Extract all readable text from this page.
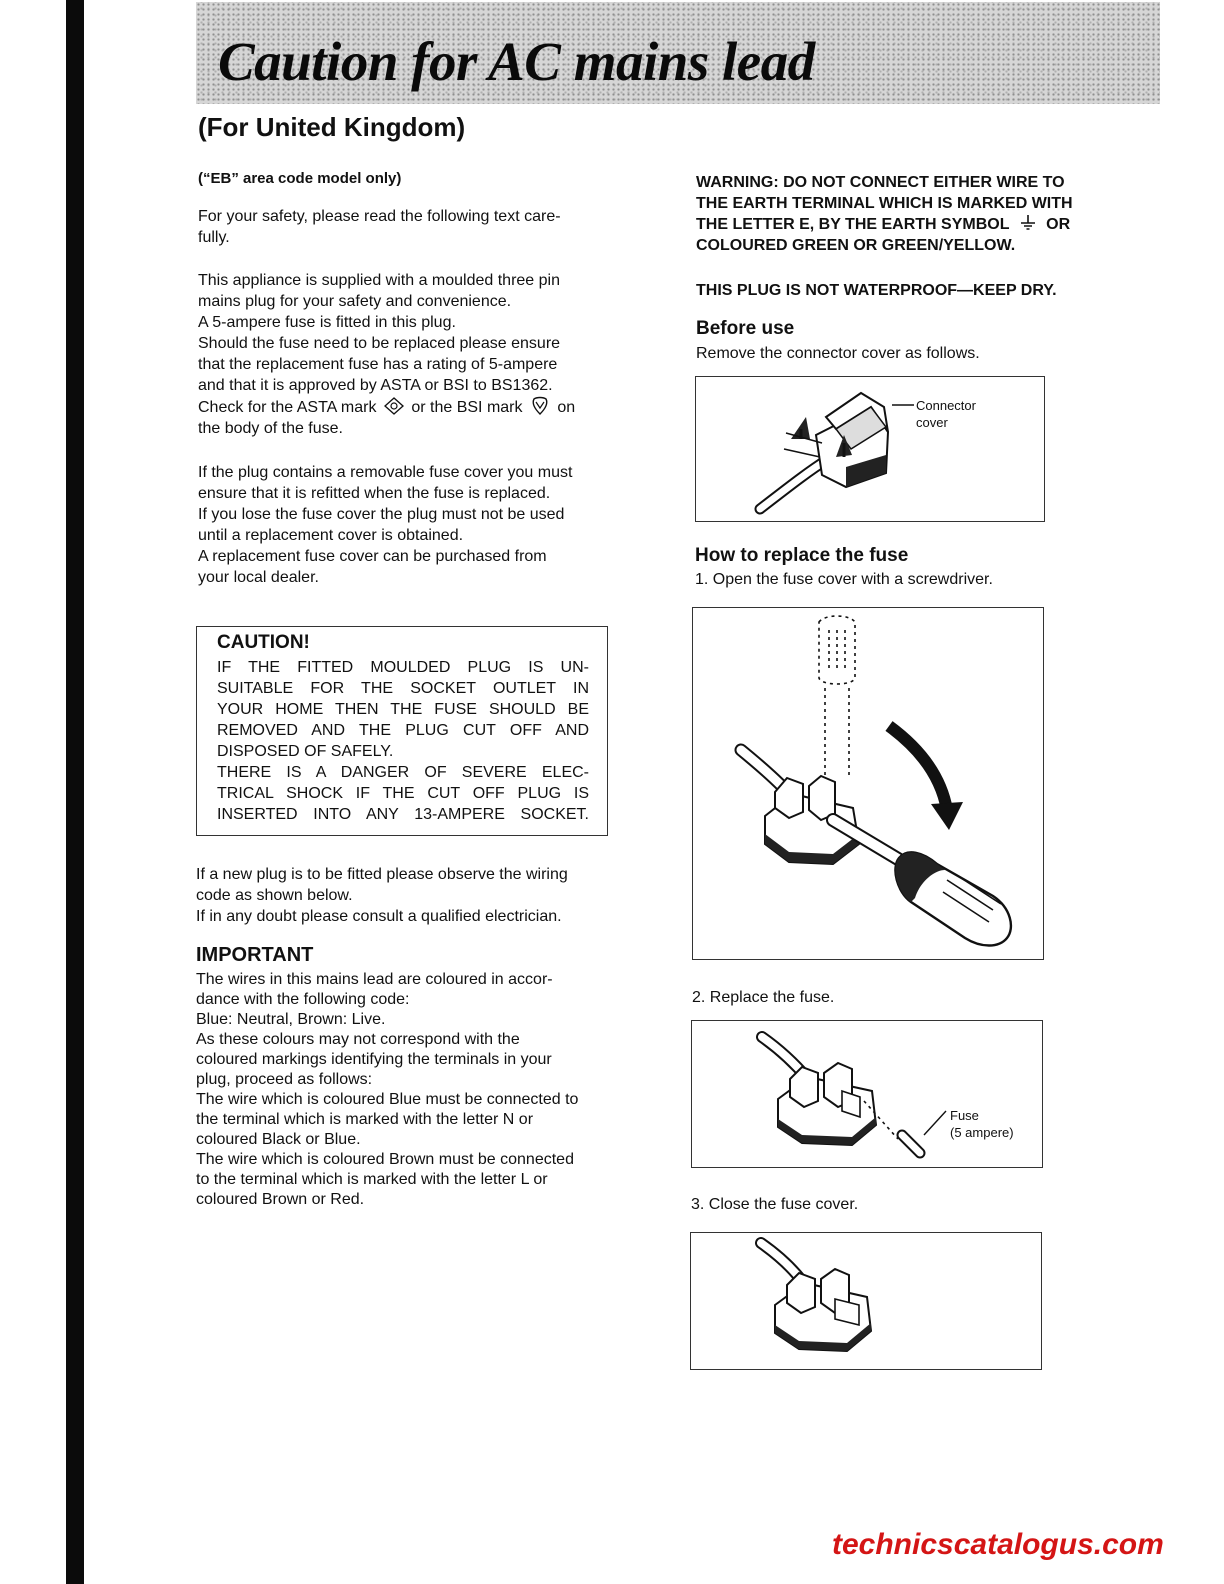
Caution for AC mains lead
(For United Kingdom)

(“EB” area code model only)

For your safety, please read the following text care-
fully.

This appliance is supplied with a moulded three pin
mains plug for your safety and convenience.
A 5-ampere fuse is fitted in this plug.
Should the fuse need to be replaced please ensure
that the replacement fuse has a rating of 5-ampere
and that it is approved by ASTA or BSI to BS1362.
Check for the ASTA mark or the BSI mark on
the body of the fuse.

If the plug contains a removable fuse cover you must
ensure that it is refitted when the fuse is replaced.
If you lose the fuse cover the plug must not be used
until a replacement cover is obtained.
A replacement fuse cover can be purchased from
your local dealer.

CAUTION!

IF THE FITTED MOULDED PLUG IS UN-
SUITABLE FOR THE SOCKET OUTLET IN
YOUR HOME THEN THE FUSE SHOULD BE
REMOVED AND THE PLUG CUT OFF AND
DISPOSED OF SAFELY.
THERE IS A DANGER OF SEVERE ELEC-
TRICAL SHOCK IF THE CUT OFF PLUG IS
INSERTED INTO ANY 13-AMPERE SOCKET.

If a new plug is to be fitted please observe the wiring
code as shown below.
If in any doubt please consult a qualified electrician.

IMPORTANT

The wires in this mains lead are coloured in accor-
dance with the following code:
Blue: Neutral, Brown: Live.
As these colours may not correspond with the
coloured markings identifying the terminals in your
plug, proceed as follows:
The wire which is coloured Blue must be connected to
the terminal which is marked with the letter N or
coloured Black or Blue.
The wire which is coloured Brown must be connected
to the terminal which is marked with the letter L or
coloured Brown or Red.

WARNING: DO NOT CONNECT EITHER WIRE TO
THE EARTH TERMINAL WHICH IS MARKED WITH
THE LETTER E, BY THE EARTH SYMBOL OR
COLOURED GREEN OR GREEN/YELLOW.

THIS PLUG IS NOT WATERPROOF—KEEP DRY.

Before use

Remove the connector cover as follows.

Connector
cover
How to replace the fuse

1. Open the fuse cover with a screwdriver.

2. Replace the fuse.

Fuse
(5 ampere)

3. Close the fuse cover.

technicscatalogus.com
